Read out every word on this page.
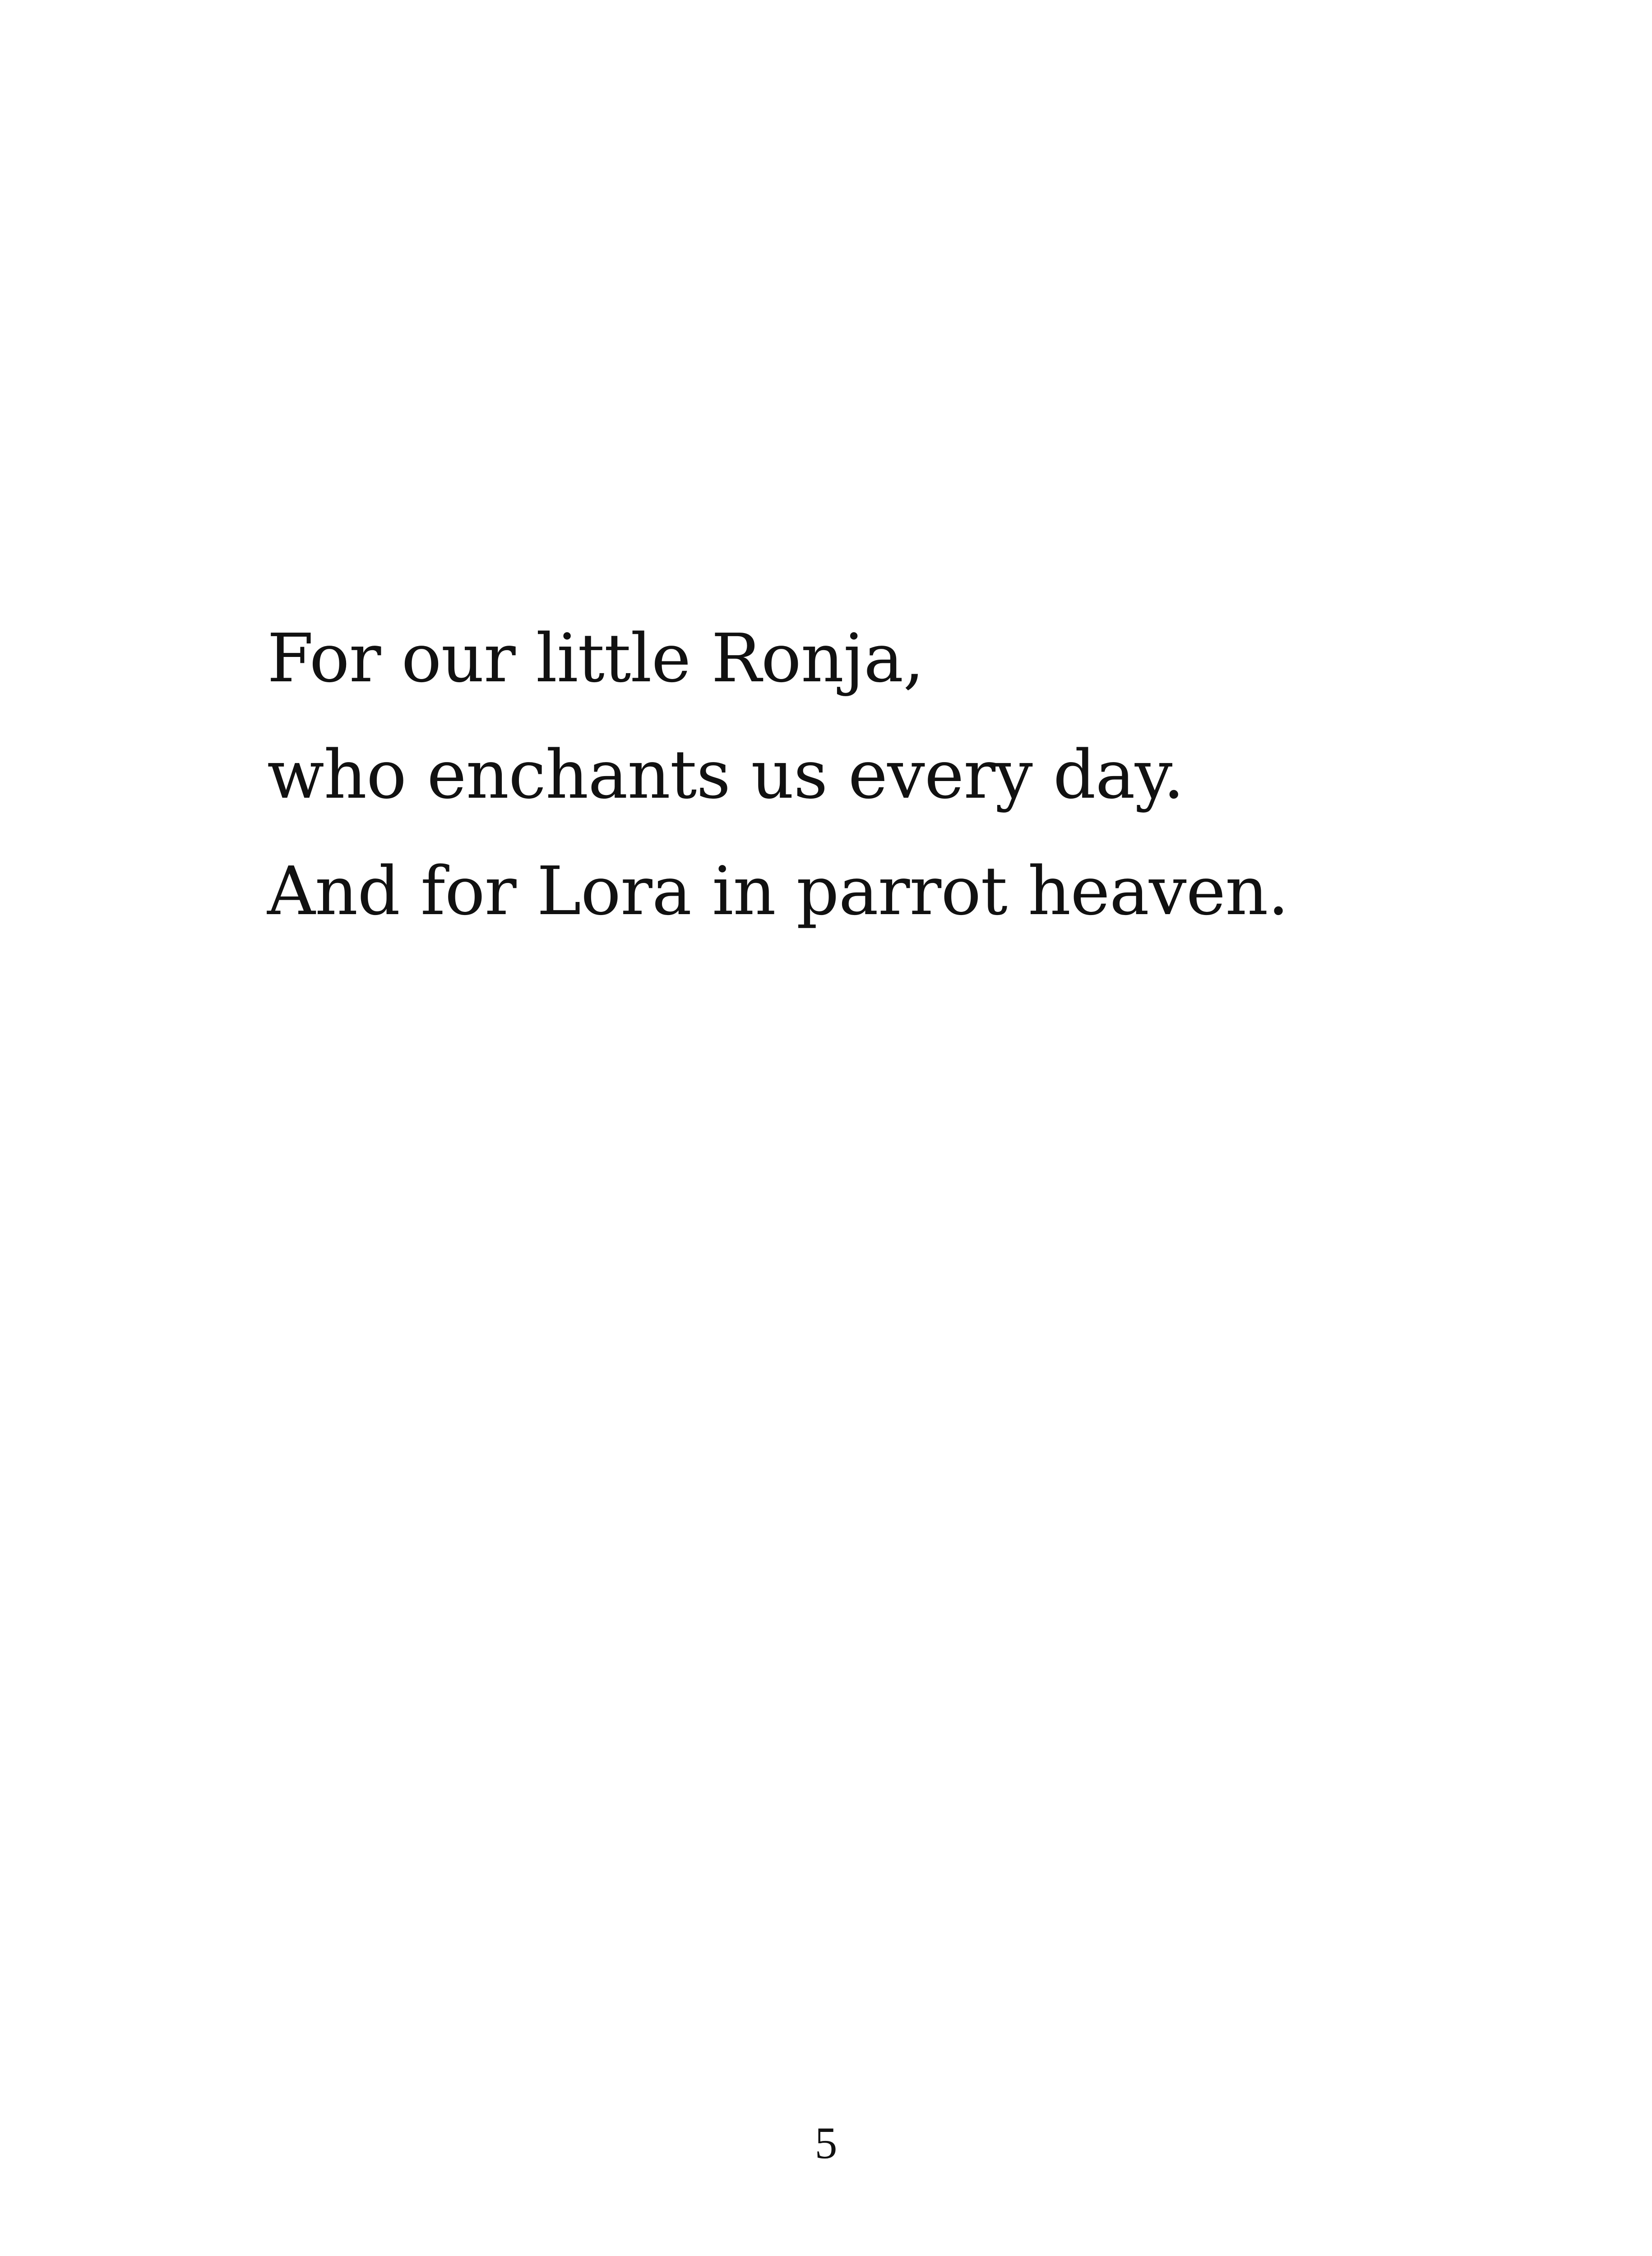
For our little Ronja,
who enchants us every day.
And for Lora in parrot heaven.
5
